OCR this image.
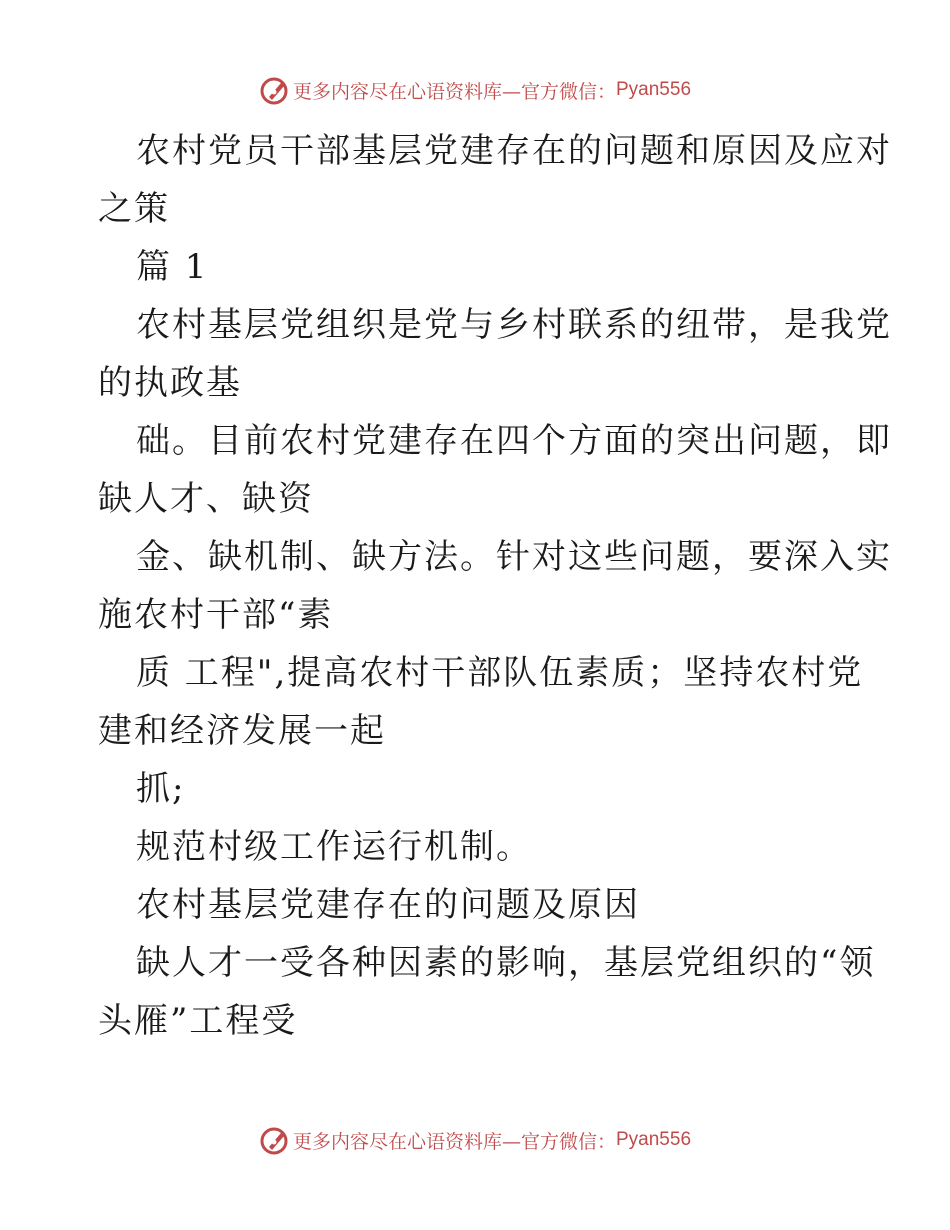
更多内容尽在心语资料库—官方微信： Pyan556
农村党员干部基层党建存在的问题和原因及应对
之策
篇 1
农村基层党组织是党与乡村联系的纽带，是我党
的执政基
础。目前农村党建存在四个方面的突出问题，即
缺人才、缺资
金、缺机制、缺方法。针对这些问题，要深入实
施农村干部“素
质 工程",提高农村干部队伍素质；坚持农村党
建和经济发展一起
抓;
规范村级工作运行机制。
农村基层党建存在的问题及原因
缺人才一受各种因素的影响，基层党组织的“领
头雁”工程受
更多内容尽在心语资料库—官方微信： Pyan556
